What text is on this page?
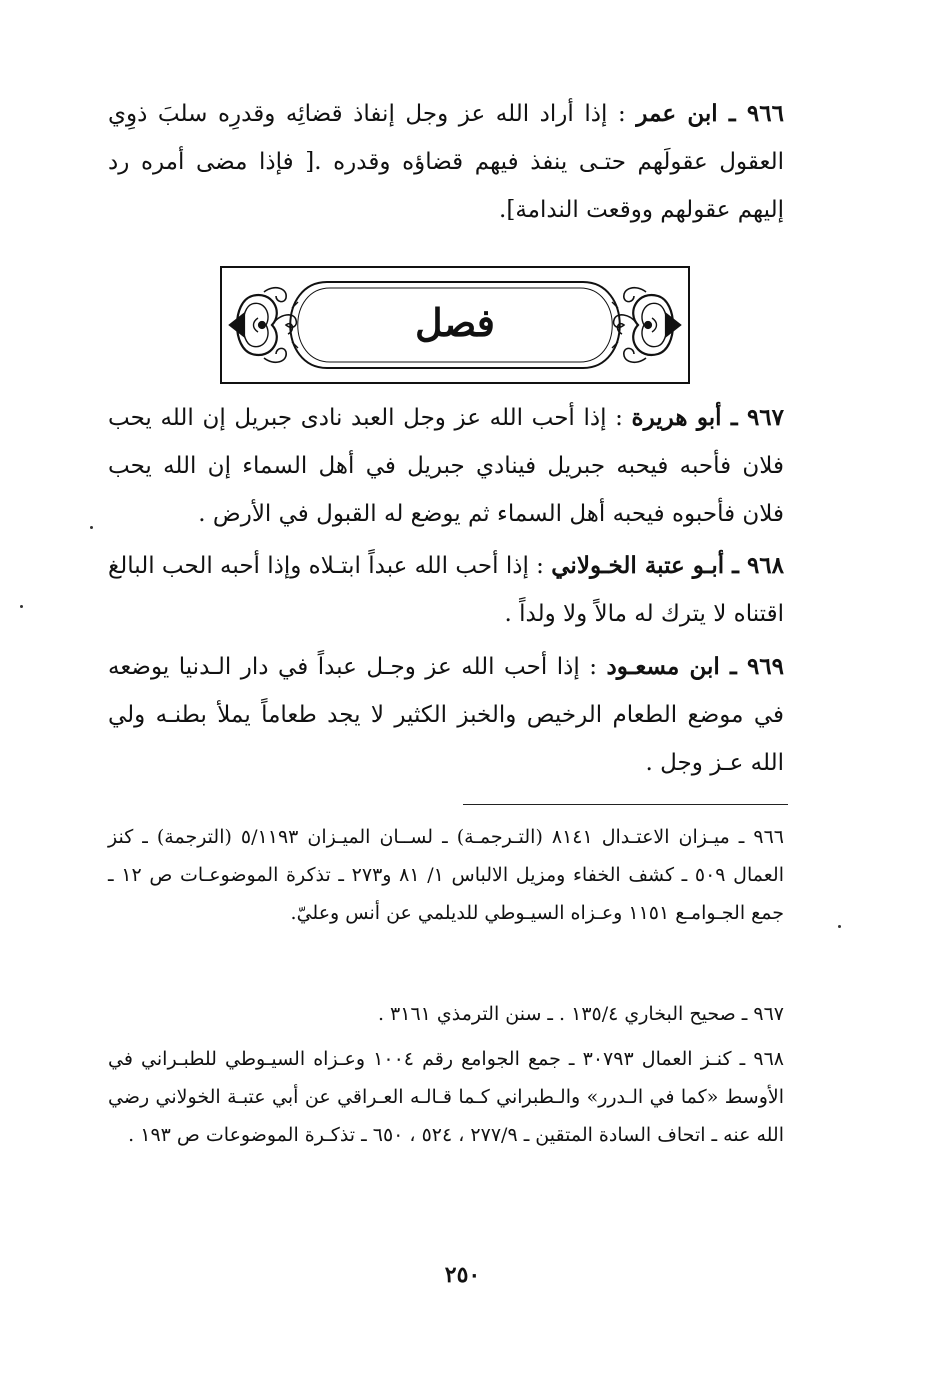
٩٦٦ ـ ابن عمر : إذا أراد الله عز وجل إنفاذ قضائِه وقدرِه سلبَ ذوِي العقول عقولَهم حتـى ينفذ فيهم قضاؤه وقدره .[ فإذا مضى أمره رد إليهم عقولهم ووقعت الندامة].

فصل

٩٦٧ ـ أبو هريرة : إذا أحب الله عز وجل العبد نادى جبريل إن الله يحب فلان فأحبه فيحبه جبريل فينادي جبريل في أهل السماء إن الله يحب فلان فأحبوه فيحبه أهل السماء ثم يوضع له القبول في الأرض .

٩٦٨ ـ أبـو عتبة الخـولاني : إذا أحب الله عبداً ابتـلاه وإذا أحبه الحب البالغ اقتناه لا يترك له مالاً ولا ولداً .

٩٦٩ ـ ابن مسعـود : إذا أحب الله عز وجـل عبداً في دار الـدنيا يوضعه في موضع الطعام الرخيص والخبز الكثير لا يجد طعاماً يملأ بطنـه ولي الله عـز وجل .

٩٦٦ ـ ميـزان الاعتـدال ٨١٤١ (التـرجمـة) ـ لســان الميـزان ٥/١١٩٣ (الترجمة) ـ كنز العمال ٥٠٩ ـ كشف الخفاء ومزيل الالباس ١/ ٨١ و٢٧٣ ـ تذكرة الموضوعـات ص ١٢ ـ جمع الجـوامـع ١١٥١ وعـزاه السيـوطي للديلمي عن أنس وعليّ.

٩٦٧ ـ صحيح البخاري ١٣٥/٤ . ـ سنن الترمذي ٣١٦١ .

٩٦٨ ـ كنـز العمال ٣٠٧٩٣ ـ جمع الجوامع رقم ١٠٠٤ وعـزاه السيـوطي للطبـراني في الأوسط «كما في الـدرر» والـطبراني كـما قـالـه العـراقي عن أبي عتبـة الخولاني رضي الله عنه ـ اتحاف السادة المتقين ـ ٢٧٧/٩ ، ٥٢٤ ، ٦٥٠ ـ تذكـرة الموضوعات ص ١٩٣ .

٢٥٠
